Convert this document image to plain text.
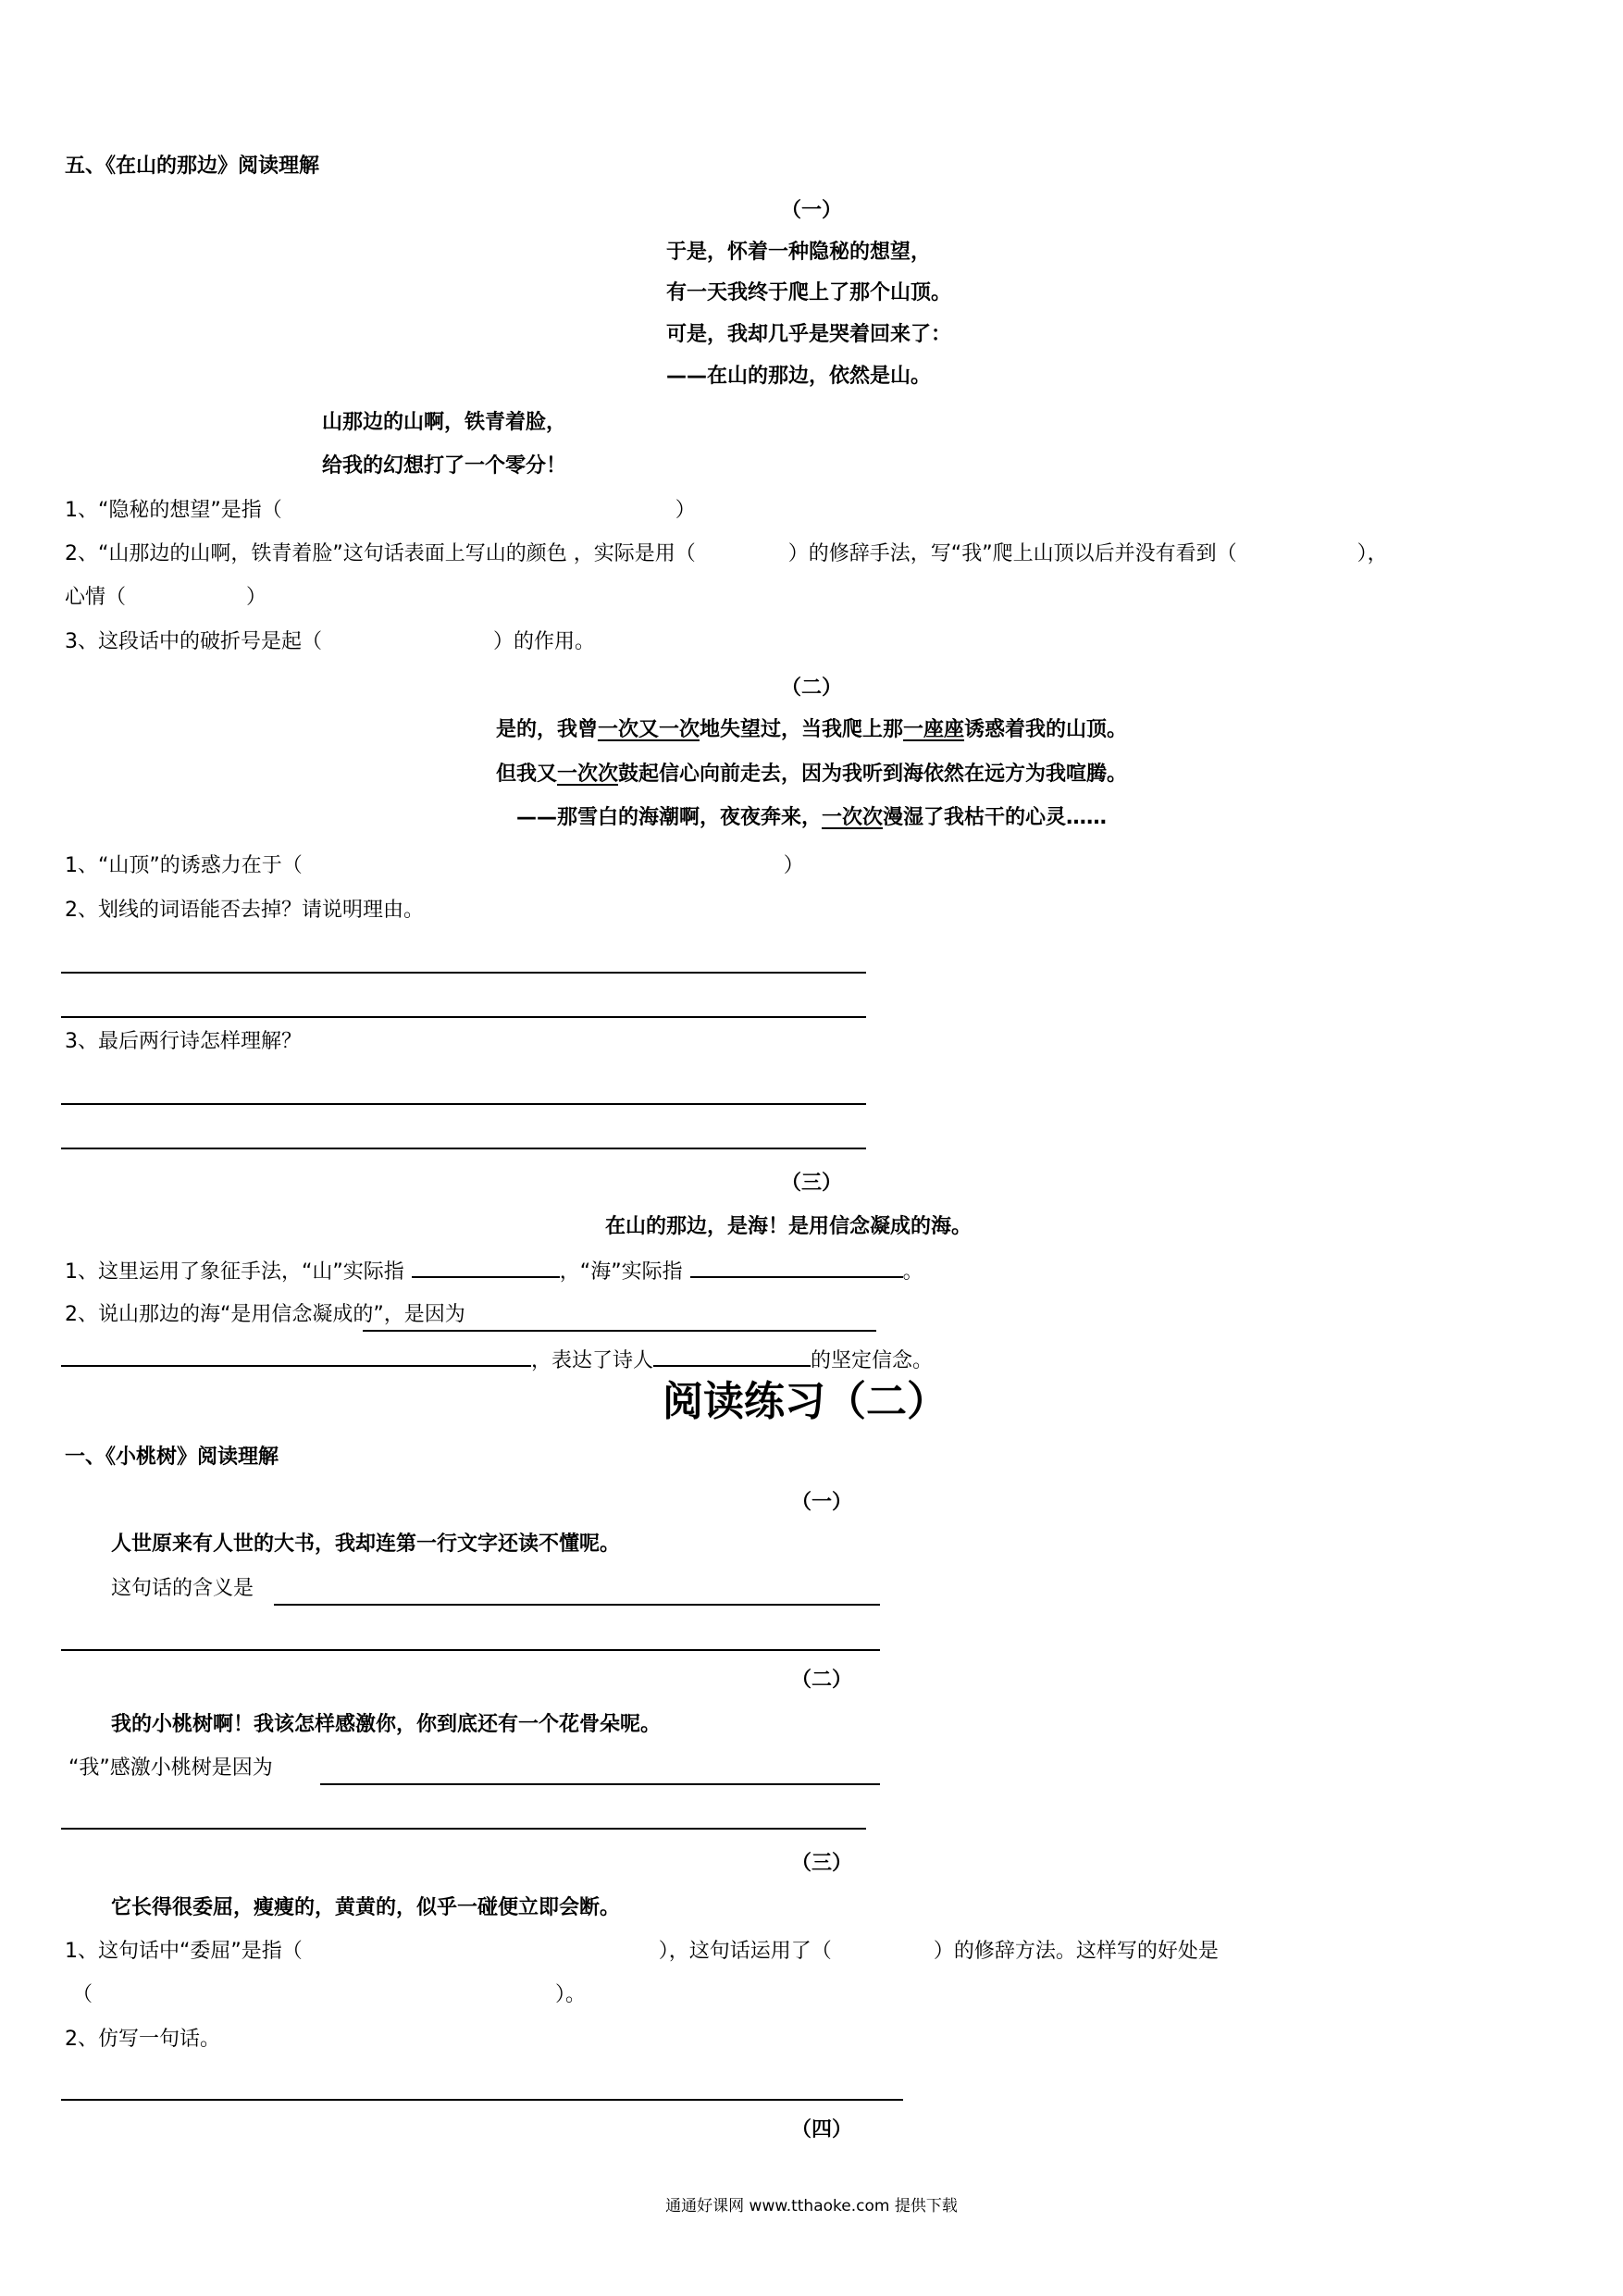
五、《在山的那边》阅读理解
（一）
于是，怀着一种隐秘的想望，
有一天我终于爬上了那个山顶。
可是，我却几乎是哭着回来了：
——在山的那边，依然是山。
山那边的山啊，铁青着脸，
给我的幻想打了一个零分！
1、“隐秘的想望”是指（	）
2、“山那边的山啊，铁青着脸”这句话表面上写山的颜色 ，实际是用（	）的修辞手法，写“我”爬上山顶以后并没有看到（	），
心情（	）
3、这段话中的破折号是起（	）的作用。
（二）
是的，我曾一次又一次地失望过，当我爬上那一座座诱惑着我的山顶。
但我又一次次鼓起信心向前走去，因为我听到海依然在远方为我喧腾。
——那雪白的海潮啊，夜夜奔来，一次次漫湿了我枯干的心灵……
1、“山顶”的诱惑力在于（	）
2、划线的词语能否去掉？请说明理由。
3、最后两行诗怎样理解？
（三）
在山的那边，是海！是用信念凝成的海。
1、这里运用了象征手法，“山”实际指	，“海”实际指	。
2、说山那边的海“是用信念凝成的”，是因为
，表达了诗人	的坚定信念。
阅读练习（二）
一、《小桃树》阅读理解
（一）
人世原来有人世的大书，我却连第一行文字还读不懂呢。
这句话的含义是
（二）
我的小桃树啊！我该怎样感激你，你到底还有一个花骨朵呢。
“我”感激小桃树是因为
（三）
它长得很委屈，瘦瘦的，黄黄的，似乎一碰便立即会断。
1、这句话中“委屈”是指（	），这句话运用了（	）的修辞方法。这样写的好处是
（	）。
2、仿写一句话。
（四）
通通好课网 www.tthaoke.com 提供下载
